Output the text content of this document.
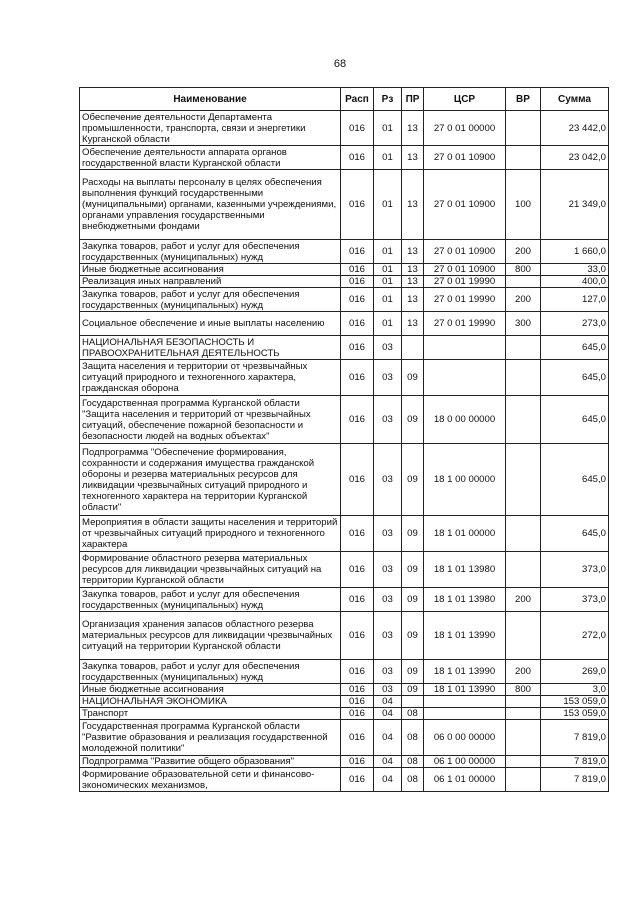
68
Наименование	Расп	Рз	ПР	ЦСР	ВР	Сумма
Обеспечение деятельности Департамента промышленности, транспорта, связи и энергетики Курганской области	016	01	13	27 0 01 00000		23 442,0
Обеспечение деятельности аппарата органов государственной власти Курганской области	016	01	13	27 0 01 10900		23 042,0
Расходы на выплаты персоналу в целях обеспечения выполнения функций государственными (муниципальными) органами, казенными учреждениями, органами управления государственными внебюджетными фондами	016	01	13	27 0 01 10900	100	21 349,0
Закупка товаров, работ и услуг для обеспечения государственных (муниципальных) нужд	016	01	13	27 0 01 10900	200	1 660,0
Иные бюджетные ассигнования	016	01	13	27 0 01 10900	800	33,0
Реализация иных направлений	016	01	13	27 0 01 19990		400,0
Закупка товаров, работ и услуг для обеспечения государственных (муниципальных) нужд	016	01	13	27 0 01 19990	200	127,0
Социальное обеспечение и иные выплаты населению	016	01	13	27 0 01 19990	300	273,0
НАЦИОНАЛЬНАЯ БЕЗОПАСНОСТЬ И ПРАВООХРАНИТЕЛЬНАЯ ДЕЯТЕЛЬНОСТЬ	016	03				645,0
Защита населения и территории от чрезвычайных ситуаций природного и техногенного характера, гражданская оборона	016	03	09			645,0
Государственная программа Курганской области "Защита населения и территорий от чрезвычайных ситуаций, обеспечение пожарной безопасности и безопасности людей на водных объектах"	016	03	09	18 0 00 00000		645,0
Подпрограмма "Обеспечение формирования, сохранности и содержания имущества гражданской обороны и резерва материальных ресурсов для ликвидации чрезвычайных ситуаций природного и техногенного характера на территории Курганской области"	016	03	09	18 1 00 00000		645,0
Мероприятия в области защиты населения и территорий от чрезвычайных ситуаций природного и техногенного характера	016	03	09	18 1 01 00000		645,0
Формирование областного резерва материальных ресурсов для ликвидации чрезвычайных ситуаций на территории Курганской области	016	03	09	18 1 01 13980		373,0
Закупка товаров, работ и услуг для обеспечения государственных (муниципальных) нужд	016	03	09	18 1 01 13980	200	373,0
Организация хранения запасов областного резерва материальных ресурсов для ликвидации чрезвычайных ситуаций на территории Курганской области	016	03	09	18 1 01 13990		272,0
Закупка товаров, работ и услуг для обеспечения государственных (муниципальных) нужд	016	03	09	18 1 01 13990	200	269,0
Иные бюджетные ассигнования	016	03	09	18 1 01 13990	800	3,0
НАЦИОНАЛЬНАЯ ЭКОНОМИКА	016	04				153 059,0
Транспорт	016	04	08			153 059,0
Государственная программа Курганской области "Развитие образования и реализация государственной молодежной политики"	016	04	08	06 0 00 00000		7 819,0
Подпрограмма "Развитие общего образования"	016	04	08	06 1 00 00000		7 819,0
Формирование образовательной сети и финансово-экономических механизмов,	016	04	08	06 1 01 00000		7 819,0
